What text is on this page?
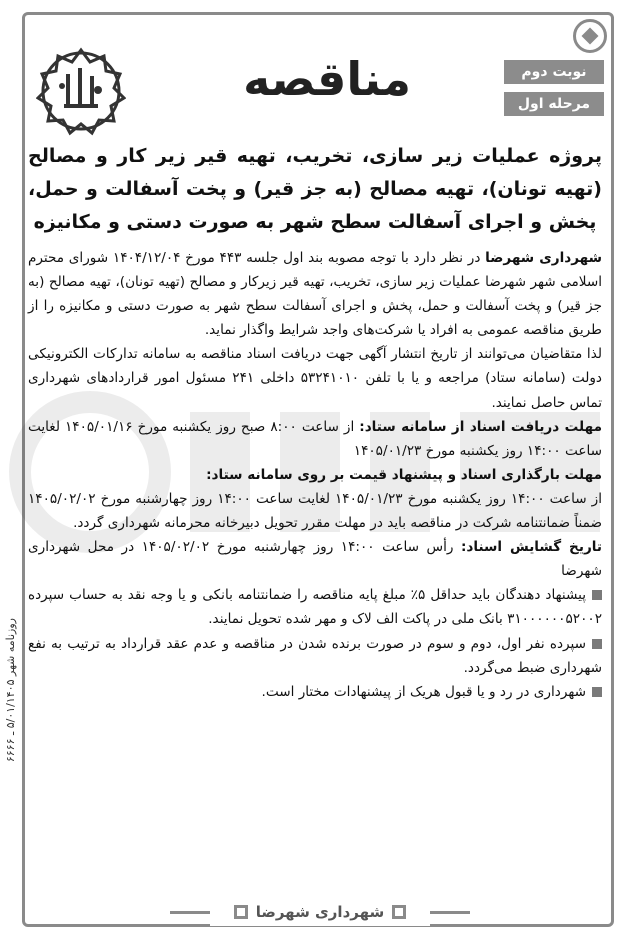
روزنامه شهر ۵/۰۱/۱۴۰۵ ـ ۶۶۶۶
مناقصه	نوبت دوم
مرحله اول
پروژه عملیات زیر سازی، تخریب، تهیه قیر زیر کار و مصالح (تهیه تونان)، تهیه مصالح (به جز قیر) و پخت آسفالت و حمل، پخش و اجرای آسفالت سطح شهر به صورت دستی و مکانیزه

شهرداری شهرضا در نظر دارد با توجه مصوبه بند اول جلسه ۴۴۳ مورخ ۱۴۰۴/۱۲/۰۴ شورای محترم اسلامی شهر شهرضا عملیات زیر سازی، تخریب، تهیه قیر زیرکار و مصالح (تهیه تونان)، تهیه مصالح (به جز قیر) و پخت آسفالت و حمل، پخش و اجرای آسفالت سطح شهر به صورت دستی و مکانیزه را از طریق مناقصه عمومی به افراد یا شرکت‌های واجد شرایط واگذار نماید.

لذا متقاضیان می‌توانند از تاریخ انتشار آگهی جهت دریافت اسناد مناقصه به سامانه تدارکات الکترونیکی دولت (سامانه ستاد) مراجعه و یا با تلفن ۵۳۲۴۱۰۱۰ داخلی ۲۴۱ مسئول امور قراردادهای شهرداری تماس حاصل نمایند.

مهلت دریافت اسناد از سامانه ستاد: از ساعت ۸:۰۰ صبح روز یکشنبه مورخ ۱۴۰۵/۰۱/۱۶ لغایت ساعت ۱۴:۰۰ روز یکشنبه مورخ ۱۴۰۵/۰۱/۲۳

مهلت بارگذاری اسناد و پیشنهاد قیمت بر روی سامانه ستاد:
از ساعت ۱۴:۰۰ روز یکشنبه مورخ ۱۴۰۵/۰۱/۲۳ لغایت ساعت ۱۴:۰۰ روز چهارشنبه مورخ ۱۴۰۵/۰۲/۰۲ ضمناً ضمانتنامه شرکت در مناقصه باید در مهلت مقرر تحویل دبیرخانه محرمانه شهرداری گردد.

تاریخ گشایش اسناد: رأس ساعت ۱۴:۰۰ روز چهارشنبه مورخ ۱۴۰۵/۰۲/۰۲ در محل شهرداری شهرضا

پیشنهاد دهندگان باید حداقل ۵٪ مبلغ پایه مناقصه را ضمانتنامه بانکی و یا وجه نقد به حساب سپرده ۳۱۰۰۰۰۰۰۵۲۰۰۲ بانک ملی در پاکت الف لاک و مهر شده تحویل نمایند.

سپرده نفر اول، دوم و سوم در صورت برنده شدن در مناقصه و عدم عقد قرارداد به ترتیب به نفع شهرداری ضبط می‌گردد.

شهرداری در رد و یا قبول هریک از پیشنهادات مختار است.

شهرداری شهرضا
